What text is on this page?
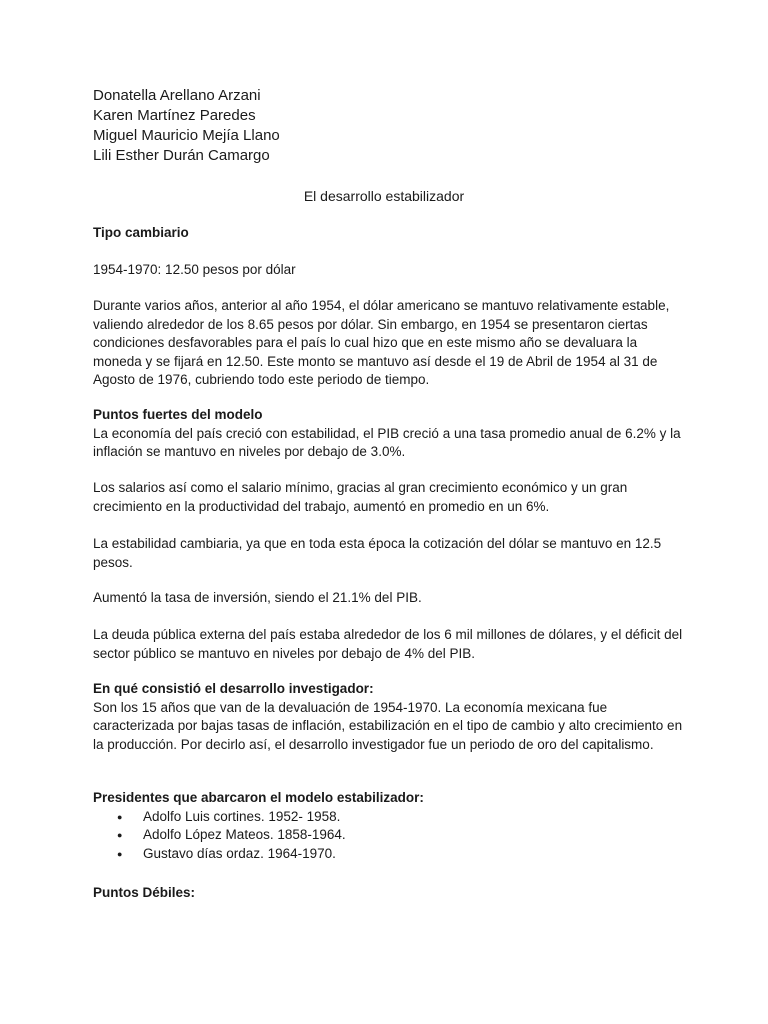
Donatella Arellano Arzani
Karen Martínez Paredes
Miguel Mauricio Mejía Llano
Lili Esther Durán Camargo
El desarrollo estabilizador
Tipo cambiario

1954-1970: 12.50 pesos por dólar

Durante varios años, anterior al año 1954, el dólar americano se mantuvo relativamente estable, valiendo alrededor de los 8.65 pesos por dólar. Sin embargo, en 1954 se presentaron ciertas condiciones desfavorables para el país lo cual hizo que en este mismo año se devaluara la moneda y se fijará en 12.50. Este monto se mantuvo así desde el 19 de Abril de 1954 al 31 de Agosto de 1976, cubriendo todo este periodo de tiempo.

Puntos fuertes del modelo

La economía del país creció con estabilidad, el PIB creció a una tasa promedio anual de 6.2% y la inflación se mantuvo en niveles por debajo de 3.0%.

Los salarios así como el salario mínimo, gracias al gran crecimiento económico y un gran crecimiento en la productividad del trabajo, aumentó en promedio en un 6%.

La estabilidad cambiaria, ya que en toda esta época la cotización del dólar se mantuvo en 12.5 pesos.

Aumentó la tasa de inversión, siendo el 21.1% del PIB.

La deuda pública externa del país estaba alrededor de los 6 mil millones de dólares, y el déficit del sector público se mantuvo en niveles por debajo de 4% del PIB.

En qué consistió el desarrollo investigador:

Son los 15 años que van de la devaluación de 1954-1970. La economía mexicana fue caracterizada por bajas tasas de inflación, estabilización en el tipo de cambio y alto crecimiento en la producción. Por decirlo así, el desarrollo investigador fue un periodo de oro del capitalismo.

Presidentes que abarcaron el modelo estabilizador:
● Adolfo Luis cortines. 1952- 1958.
● Adolfo López Mateos. 1858-1964.
● Gustavo días ordaz. 1964-1970.
Puntos Débiles:
